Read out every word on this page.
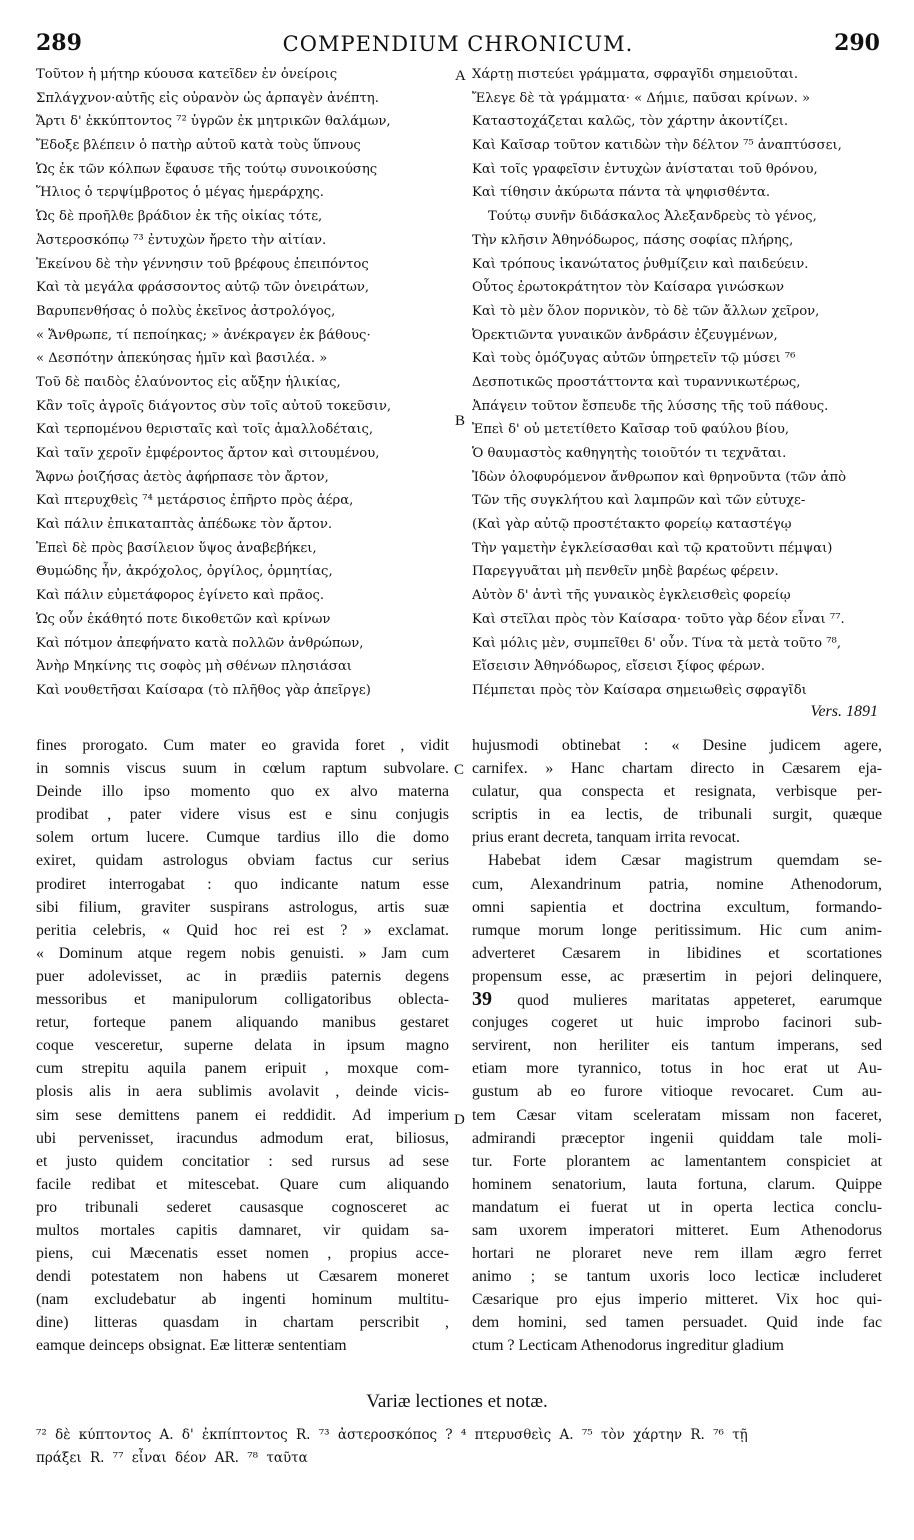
289	COMPENDIUM CHRONICUM.	290
Τοῦτον ἡ μήτηρ κύουσα κατεῖδεν ἐν ὀνείροις
Σπλάγχνον·αὐτῆς εἰς οὐρανὸν ὡς ἁρπαγὲν ἀνέπτη.
Ἄρτι δ' ἐκκύπτοντος ⁷² ὑγρῶν ἐκ μητρικῶν θαλάμων,
Ἔδοξε βλέπειν ὁ πατὴρ αὐτοῦ κατὰ τοὺς ὕπνους
Ὡς ἐκ τῶν κόλπων ἔφαυσε τῆς τούτῳ συνοικούσης
Ἥλιος ὁ τερψίμβροτος ὁ μέγας ἡμεράρχης.
Ὡς δὲ προῆλθε βράδιον ἐκ τῆς οἰκίας τότε,
Ἀστεροσκόπῳ ⁷³ ἐντυχὼν ἤρετο τὴν αἰτίαν.
Ἐκείνου δὲ τὴν γέννησιν τοῦ βρέφους ἐπειπόντος
Καὶ τὰ μεγάλα φράσσοντος αὐτῷ τῶν ὀνειράτων,
Βαρυπενθήσας ὁ πολὺς ἐκεῖνος ἀστρολόγος,
« Ἄνθρωπε, τί πεποίηκας; » ἀνέκραγεν ἐκ βάθους·
« Δεσπότην ἀπεκύησας ἡμῖν καὶ βασιλέα. »
Τοῦ δὲ παιδὸς ἐλαύνοντος εἰς αὔξην ἡλικίας,
Κἂν τοῖς ἀγροῖς διάγοντος σὺν τοῖς αὐτοῦ τοκεῦσιν,
Καὶ τερπομένου θερισταῖς καὶ τοῖς ἀμαλλοδέταις,
Καὶ ταῖν χεροῖν ἐμφέροντος ἄρτον καὶ σιτουμένου,
Ἄφνω ῥοιζήσας ἀετὸς ἀφήρπασε τὸν ἄρτον,
Καὶ πτερυχθεὶς ⁷⁴ μετάρσιος ἐπῆρτο πρὸς ἀέρα,
Καὶ πάλιν ἐπικαταπτὰς ἀπέδωκε τὸν ἄρτον.
Ἐπεὶ δὲ πρὸς βασίλειον ὕψος ἀναβεβήκει,
Θυμώδης ἦν, ἀκρόχολος, ὀργίλος, ὁρμητίας,
Καὶ πάλιν εὐμετάφορος ἐγίνετο καὶ πρᾶος.
Ὡς οὖν ἐκάθητό ποτε δικοθετῶν καὶ κρίνων
Καὶ πότμον ἀπεφήνατο κατὰ πολλῶν ἀνθρώπων,
Ἀνὴρ Μηκίνης τις σοφὸς μὴ σθένων πλησιάσαι
Καὶ νουθετῆσαι Καίσαρα (τὸ πλῆθος γὰρ ἀπεῖργε)
Χάρτῃ πιστεύει γράμματα, σφραγῖδι σημειοῦται.
Ἔλεγε δὲ τὰ γράμματα· « Δήμιε, παῦσαι κρίνων. »
Καταστοχάζεται καλῶς, τὸν χάρτην ἀκοντίζει.
Καὶ Καῖσαρ τοῦτον κατιδὼν τὴν δέλτον ⁷⁵ ἀναπτύσσει,
Καὶ τοῖς γραφεῖσιν ἐντυχὼν ἀνίσταται τοῦ θρόνου,
Καὶ τίθησιν ἀκύρωτα πάντα τὰ ψηφισθέντα.
Τούτῳ συνῆν διδάσκαλος Ἀλεξανδρεὺς τὸ γένος,
Τὴν κλῆσιν Ἀθηνόδωρος, πάσης σοφίας πλήρης,
Καὶ τρόπους ἱκανώτατος ῥυθμίζειν καὶ παιδεύειν.
Οὗτος ἐρωτοκράτητον τὸν Καίσαρα γινώσκων
Καὶ τὸ μὲν ὅλον πορνικὸν, τὸ δὲ τῶν ἄλλων χεῖρον,
Ὀρεκτιῶντα γυναικῶν ἀνδράσιν ἐζευγμένων,
Καὶ τοὺς ὁμόζυγας αὐτῶν ὑπηρετεῖν τῷ μύσει ⁷⁶
Δεσποτικῶς προστάττοντα καὶ τυραννικωτέρως,
Ἀπάγειν τοῦτον ἔσπευδε τῆς λύσσης τῆς τοῦ πάθους.
Ἐπεὶ δ' οὐ μετετίθετο Καῖσαρ τοῦ φαύλου βίου,
Ὁ θαυμαστὸς καθηγητὴς τοιοῦτόν τι τεχνᾶται.
Ἰδὼν ὀλοφυρόμενον ἄνθρωπον καὶ θρηνοῦντα (τῶν ἀπὸ
Τῶν τῆς συγκλήτου καὶ λαμπρῶν καὶ τῶν εὐτυχε-
(Καὶ γὰρ αὐτῷ προστέτακτο φορείῳ καταστέγῳ
Τὴν γαμετὴν ἐγκλείσασθαι καὶ τῷ κρατοῦντι πέμψαι)
Παρεγγυᾶται μὴ πενθεῖν μηδὲ βαρέως φέρειν.
Αὐτὸν δ' ἀντὶ τῆς γυναικὸς ἐγκλεισθεὶς φορείῳ
Καὶ στεῖλαι πρὸς τὸν Καίσαρα· τοῦτο γὰρ δέον εἶναι ⁷⁷.
Καὶ μόλις μὲν, συμπεῖθει δ' οὖν. Τίνα τὰ μετὰ τοῦτο ⁷⁸,
Εἴσεισιν Ἀθηνόδωρος, εἴσεισι ξίφος φέρων.
Πέμπεται πρὸς τὸν Καίσαρα σημειωθεὶς σφραγῖδι
A
B
C
D
Vers. 1891
fines prorogato. Cum mater eo gravida foret , vidit
in somnis viscus suum in cœlum raptum subvolare.
Deinde illo ipso momento quo ex alvo materna
prodibat , pater videre visus est e sinu conjugis
solem ortum lucere. Cumque tardius illo die domo
exiret, quidam astrologus obviam factus cur serius
prodiret interrogabat : quo indicante natum esse
sibi filium, graviter suspirans astrologus, artis suæ
peritia celebris, « Quid hoc rei est ? » exclamat.
« Dominum atque regem nobis genuisti. » Jam cum
puer adolevisset, ac in prædiis paternis degens
messoribus et manipulorum colligatoribus oblecta-
retur, forteque panem aliquando manibus gestaret
coque vesceretur, superne delata in ipsum magno
cum strepitu aquila panem eripuit , moxque com-
plosis alis in aera sublimis avolavit , deinde vicis-
sim sese demittens panem ei reddidit. Ad imperium
ubi pervenisset, iracundus admodum erat, biliosus,
et justo quidem concitatior : sed rursus ad sese
facile redibat et mitescebat. Quare cum aliquando
pro tribunali sederet causasque cognosceret ac
multos mortales capitis damnaret, vir quidam sa-
piens, cui Mæcenatis esset nomen , propius acce-
dendi potestatem non habens ut Cæsarem moneret
(nam excludebatur ab ingenti hominum multitu-
dine) litteras quasdam in chartam perscribit ,
eamque deinceps obsignat. Eæ litteræ sententiam
hujusmodi obtinebat : « Desine judicem agere,
carnifex. » Hanc chartam directo in Cæsarem eja-
culatur, qua conspecta et resignata, verbisque per-
scriptis in ea lectis, de tribunali surgit, quæque
prius erant decreta, tanquam irrita revocat.
Habebat idem Cæsar magistrum quemdam se-
cum, Alexandrinum patria, nomine Athenodorum,
omni sapientia et doctrina excultum, formando-
rumque morum longe peritissimum. Hic cum anim-
adverteret Cæsarem in libidines et scortationes
propensum esse, ac præsertim in pejori delinquere,
39 quod mulieres maritatas appeteret, earumque
conjuges cogeret ut huic improbo facinori sub-
servirent, non heriliter eis tantum imperans, sed
etiam more tyrannico, totus in hoc erat ut Au-
gustum ab eo furore vitioque revocaret. Cum au-
tem Cæsar vitam sceleratam missam non faceret,
admirandi præceptor ingenii quiddam tale moli-
tur. Forte plorantem ac lamentantem conspiciet at
hominem senatorium, lauta fortuna, clarum. Quippe
mandatum ei fuerat ut in operta lectica conclu-
sam uxorem imperatori mitteret. Eum Athenodorus
hortari ne ploraret neve rem illam ægro ferret
animo ; se tantum uxoris loco lecticæ includeret
Cæsarique pro ejus imperio mitteret. Vix hoc qui-
dem homini, sed tamen persuadet. Quid inde fac
ctum ? Lecticam Athenodorus ingreditur gladium
Variæ lectiones et notæ.
⁷² δὲ κύπτοντος A. δ' ἐκπίπτοντος R. ⁷³ ἀστεροσκόπος ? ⁴ πτερυσθεὶς A. ⁷⁵ τὸν χάρτην R. ⁷⁶ τῇ
πράξει R. ⁷⁷ εἶναι δέον AR. ⁷⁸ ταῦτα
